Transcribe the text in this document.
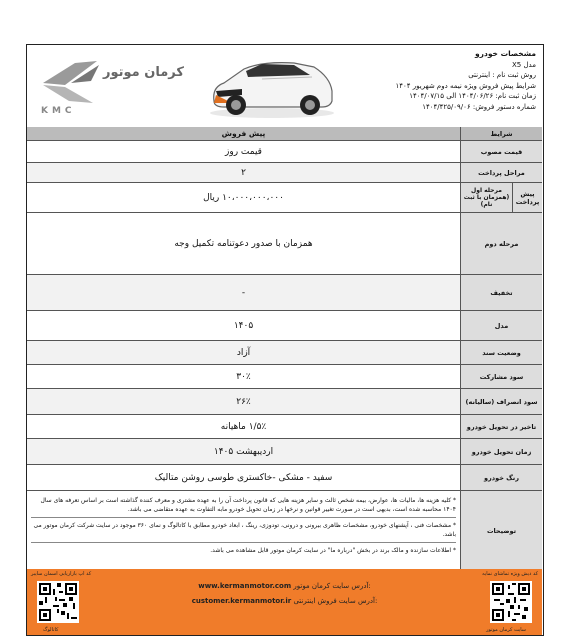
KMC
کرمان موتور
مشخصات خودرو
مدل X5
روش ثبت نام : اینترنتی
شرایط پیش فروش ویژه نیمه دوم شهریور ۱۴۰۴
زمان ثبت نام: ۱۴۰۴/۰۶/۲۶ الی ۱۴۰۴/۰۷/۱۵
شماره دستور فروش: ۱۴۰۴/۴۲۵/۰۹/۰۶
شرایط
پیش فروش
قیمت مصوب
قیمت روز
مراحل پرداخت
۲
پیش پرداخت
مرحله اول (همزمان با ثبت نام)
۱۰،۰۰۰،۰۰۰،۰۰۰ ریال
مرحله دوم
همزمان با صدور دعوتنامه تکمیل وجه
تخفیف
-
مدل
۱۴۰۵
وضعیت سند
آزاد
سود مشارکت
۳۰٪
سود انصراف (سالیانه)
۲۶٪
تاخیر در تحویل خودرو
۱/۵٪ ماهیانه
زمان تحویل خودرو
اردیبهشت ۱۴۰۵
رنگ خودرو
سفید - مشکی -خاکستری طوسی روشن متالیک
توضیحات
* کلیه هزینه ها، مالیات ها، عوارض، بیمه شخص ثالث و سایر هزینه هایی که قانون پرداخت آن را به عهده مشتری و معرف کننده گذاشته است بر اساس تعرفه های سال ۱۴۰۴ محاسبه شده است، بدیهی است در صورت تغییر قوانین و نرخها در زمان تحویل خودرو مابه التفاوت به عهده متقاضی می باشد.
* مشخصات فنی ، آپشنهای خودرو، مشخصات ظاهری بیرونی و درونی، تودوزی، رینگ ، ابعاد خودرو مطابق با کاتالوگ و نمای ۳۶۰ موجود در سایت شرکت کرمان موتور می باشد.
* اطلاعات سازنده و مالک برند در بخش "درباره ما" در سایت کرمان موتور قابل مشاهده می باشد.
کد دیش ویژه تماشای نمایه
سایت کرمان موتور
www.kermanmotor.com آدرس سایت کرمان موتور:
customer.kermanmotor.ir آدرس سایت فروش اینترنتی:
کد اپ بازاریابی اسمان سایبر
کاتالوگ
